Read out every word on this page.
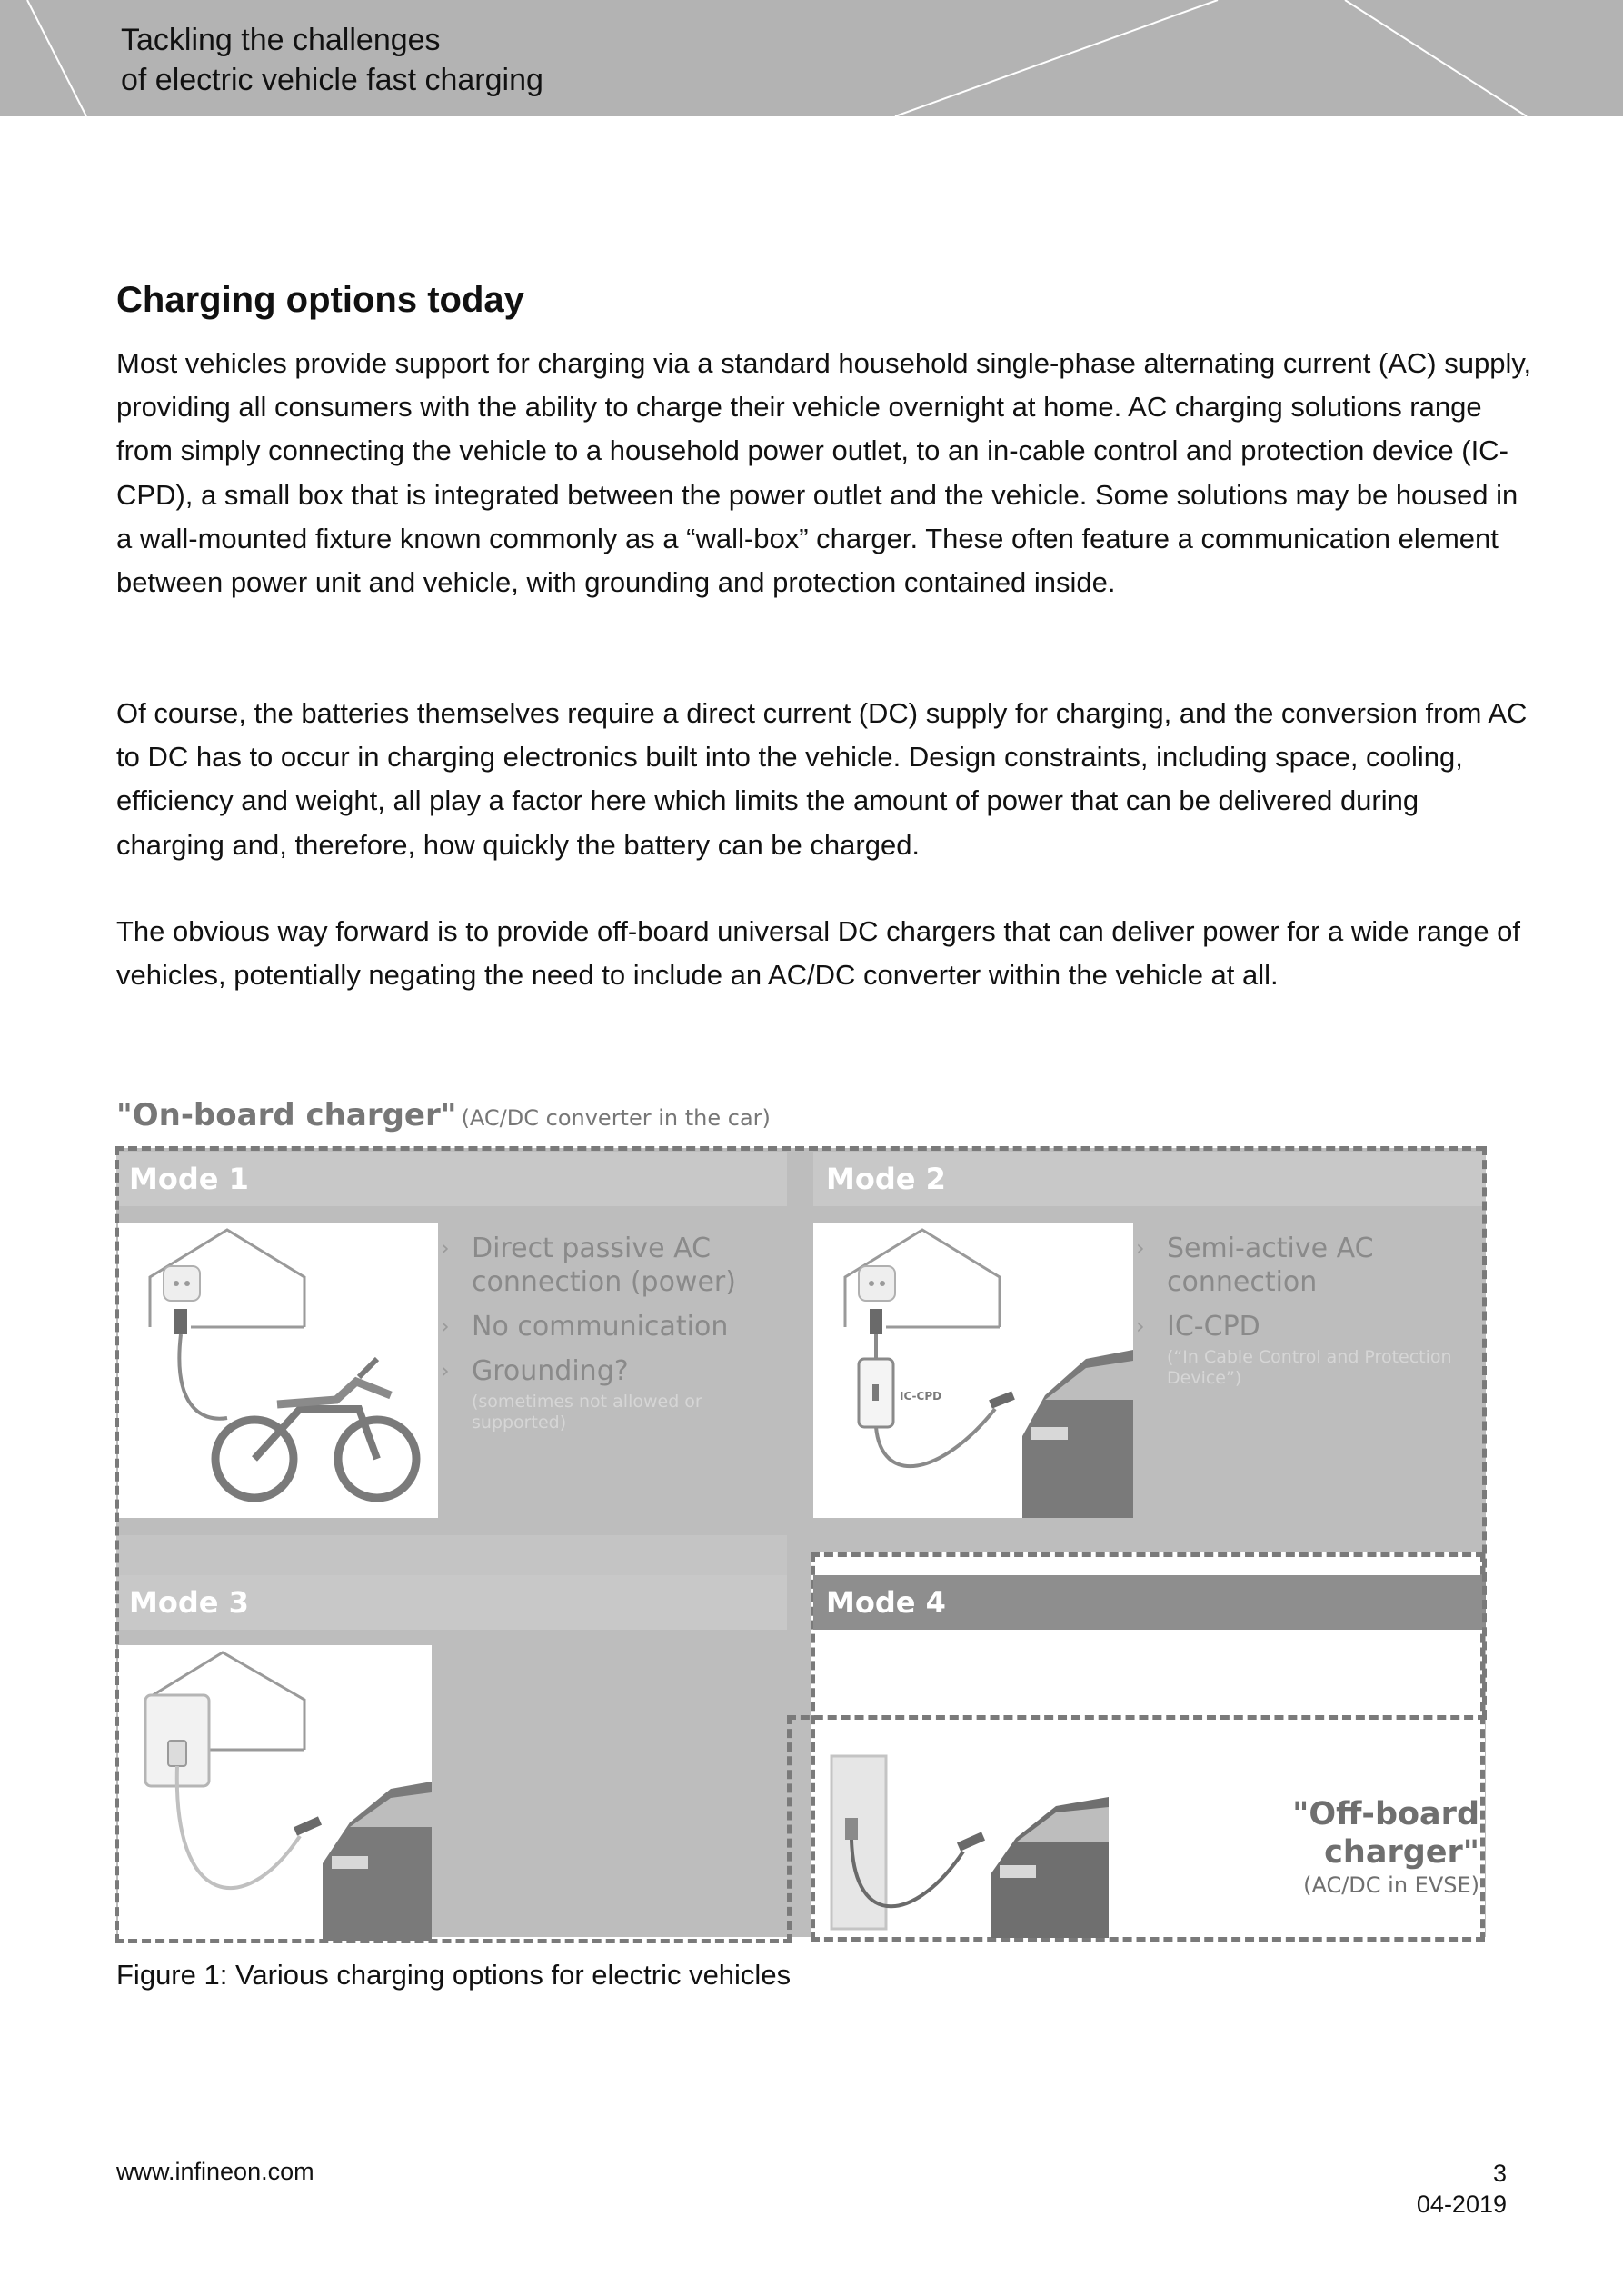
Tackling the challenges
of electric vehicle fast charging
Charging options today

Most vehicles provide support for charging via a standard household single-phase alternating current (AC) supply, providing all consumers with the ability to charge their vehicle overnight at home. AC charging solutions range from simply connecting the vehicle to a household power outlet, to an in-cable control and protection device (IC-CPD), a small box that is integrated between the power outlet and the vehicle. Some solutions may be housed in a wall-mounted fixture known commonly as a “wall-box” charger. These often feature a communication element between power unit and vehicle, with grounding and protection contained inside.

Of course, the batteries themselves require a direct current (DC) supply for charging, and the conversion from AC to DC has to occur in charging electronics built into the vehicle. Design constraints, including space, cooling, efficiency and weight, all play a factor here which limits the amount of power that can be delivered during charging and, therefore, how quickly the battery can be charged.

The obvious way forward is to provide off-board universal DC chargers that can deliver power for a wide range of vehicles, potentially negating the need to include an AC/DC converter within the vehicle at all.

"On-board charger" (AC/DC converter in the car)
Mode 1
› Direct passive AC connection (power)
› No communication
› Grounding?
(sometimes not allowed or supported)
Mode 2
IC-CPD
› Semi-active AC connection
› IC-CPD
(“In Cable Control and Protection Device”)
Mode 3	Mode 4
"Off-board
charger"
(AC/DC in EVSE)
Figure 1: Various charging options for electric vehicles
www.infineon.com	3
04-2019
